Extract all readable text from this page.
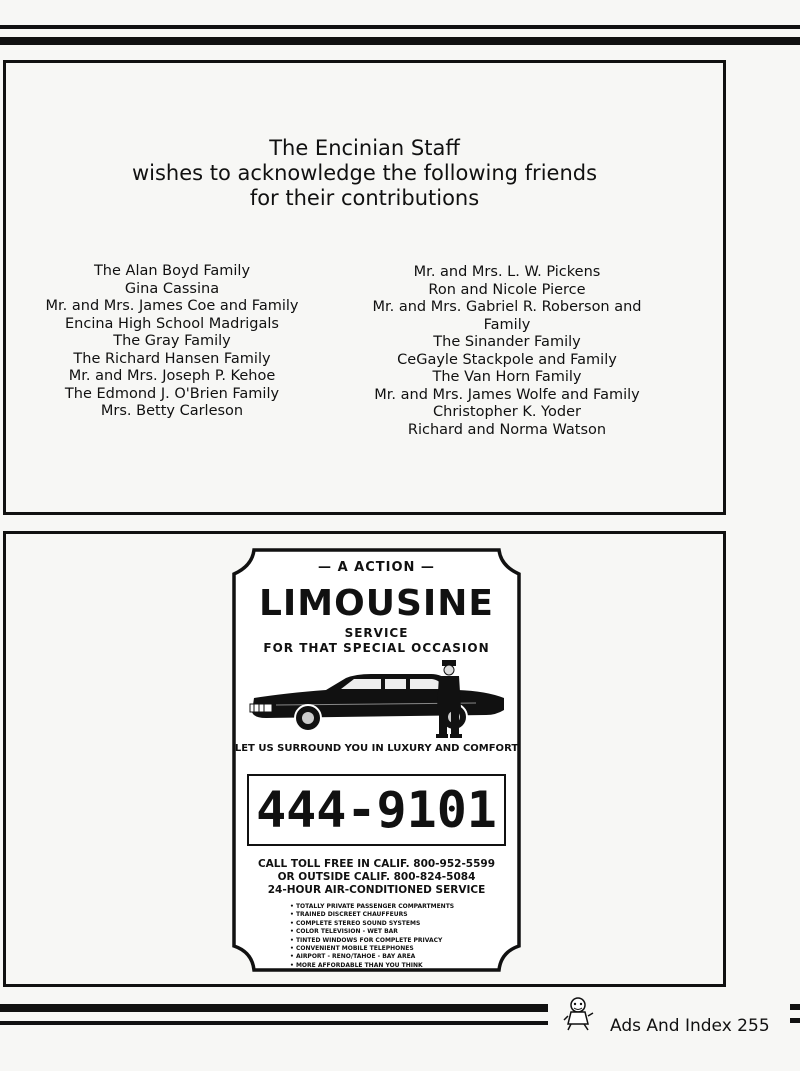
The Encinian Staff
wishes to acknowledge the following friends
for their contributions
The Alan Boyd Family
Gina Cassina
Mr. and Mrs. James Coe and Family
Encina High School Madrigals
The Gray Family
The Richard Hansen Family
Mr. and Mrs. Joseph P. Kehoe
The Edmond J. O'Brien Family
Mrs. Betty Carleson
Mr. and Mrs. L. W. Pickens
Ron and Nicole Pierce
Mr. and Mrs. Gabriel R. Roberson and
Family
The Sinander Family
CeGayle Stackpole and Family
The Van Horn Family
Mr. and Mrs. James Wolfe and Family
Christopher K. Yoder
Richard and Norma Watson
— A ACTION —
LIMOUSINE
SERVICE
FOR THAT SPECIAL OCCASION
LET US SURROUND YOU IN LUXURY AND COMFORT
444-9101
CALL TOLL FREE IN CALIF. 800-952-5599
OR OUTSIDE CALIF. 800-824-5084
24-HOUR AIR-CONDITIONED SERVICE
• TOTALLY PRIVATE PASSENGER COMPARTMENTS
• TRAINED DISCREET CHAUFFEURS
• COMPLETE STEREO SOUND SYSTEMS
• COLOR TELEVISION - WET BAR
• TINTED WINDOWS FOR COMPLETE PRIVACY
• CONVENIENT MOBILE TELEPHONES
• AIRPORT - RENO/TAHOE - BAY AREA
• MORE AFFORDABLE THAN YOU THINK
Ads And Index 255
